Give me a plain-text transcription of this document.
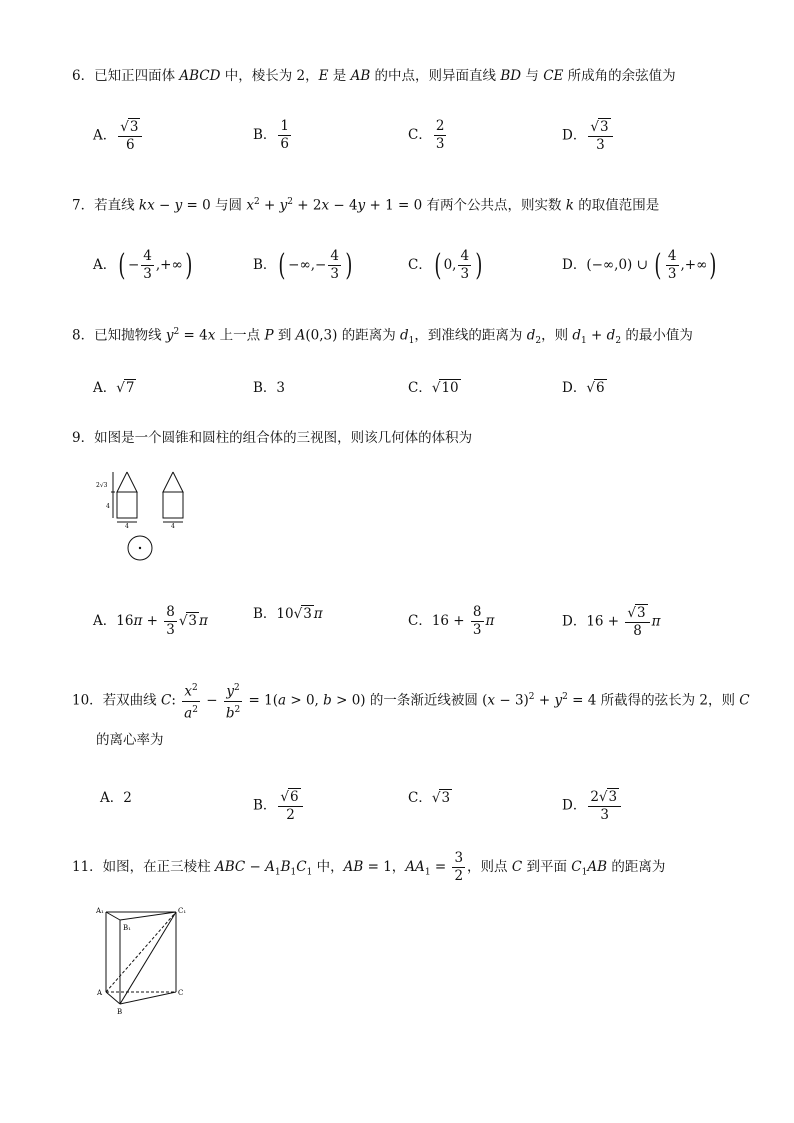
6．已知正四面体 ABCD 中，棱长为 2，E 是 AB 的中点，则异面直线 BD 与 CE 所成角的余弦值为
A． $\frac{√3}{6}$	B． $\frac{1}{6}$	C． $\frac{2}{3}$	D． $\frac{√3}{3}$
7．若直线 kx − y = 0 与圆 $x^2 + y^2 + 2x - 4y + 1 = 0$ 有两个公共点，则实数 k 的取值范围是
A．( − $\frac{4}{3}$ ,+∞)	B．( −∞,− $\frac{4}{3}$ )	C．( 0, $\frac{4}{3}$ )	D．(−∞,0) ∪ ( $\frac{4}{3}$ ,+∞)
8．已知抛物线 $y^2 = 4x$ 上一点 P 到 A(0,3) 的距离为 $d_1$，到准线的距离为 $d_2$，则 $d_1 + d_2$ 的最小值为
A．√7	B．3	C．√10	D．√6
9．如图是一个圆锥和圆柱的组合体的三视图，则该几何体的体积为
2√3
4
4	4
A．$16\pi + \frac{8}{3} √3$ π	B．10√3 π	C．$16 + \frac{8}{3}$ π	D．$16 + \frac{√3}{8}$ π
10．若双曲线 C: $\frac{x^2}{a^2} - \frac{y^2}{b^2} = 1(a > 0$, b > 0) 的一条渐近线被圆 $(x - 3)^2 + y^2 = 4$ 所截得的弦长为 2，则 C
的离心率为
A．2	B． $\frac{√6}{2}$	C．√3	D． $\frac{2√3}{3}$
11．如图，在正三棱柱 ABC − $A_1B_1C_1$ 中，AB = 1，$AA_1 = \frac{3}{2}$ ，则点 C 到平面 $C_1AB$ 的距离为
A₁
B₁
C₁
A
B
C
